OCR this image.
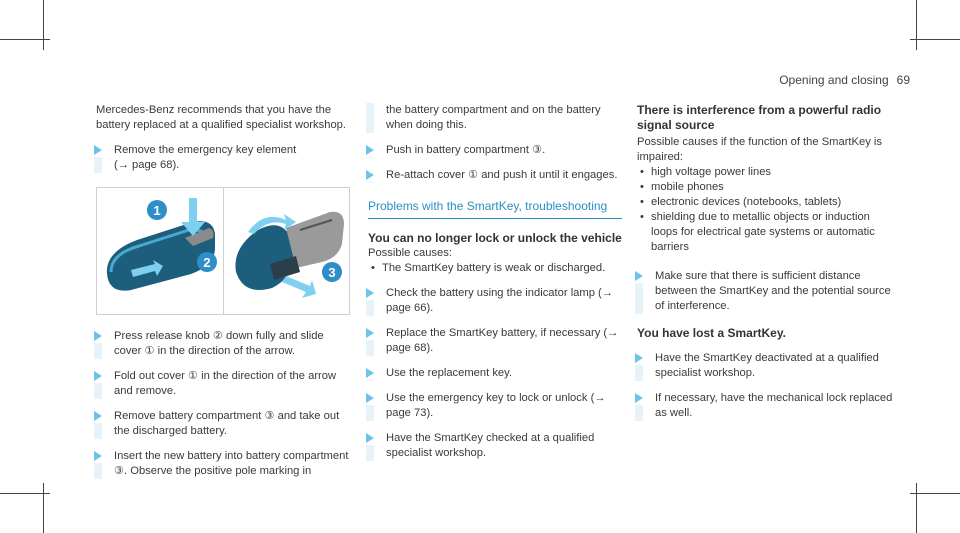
Opening and closing 69

Mercedes-Benz recommends that you have the battery replaced at a qualified specialist workshop.

Remove the emergency key element

(→ page 68).

1
2
3

Press release knob ② down fully and slide cover ① in the direction of the arrow.

Fold out cover ① in the direction of the arrow and remove.

Remove battery compartment ③ and take out the discharged battery.

Insert the new battery into battery compartment ③. Observe the positive pole marking in

the battery compartment and on the battery when doing this.

Push in battery compartment ③.

Re-attach cover ① and push it until it engages.

Problems with the SmartKey, troubleshooting
You can no longer lock or unlock the vehicle

Possible causes:

• The SmartKey battery is weak or discharged.

Check the battery using the indicator lamp (→ page 66).

Replace the SmartKey battery, if necessary (→ page 68).

Use the replacement key.

Use the emergency key to lock or unlock (→ page 73).

Have the SmartKey checked at a qualified specialist workshop.

There is interference from a powerful radio signal source

Possible causes if the function of the SmartKey is impaired:

• high voltage power lines

• mobile phones

• electronic devices (notebooks, tablets)

• shielding due to metallic objects or induction loops for electrical gate systems or automatic barriers

Make sure that there is sufficient distance between the SmartKey and the potential source of interference.

You have lost a SmartKey.

Have the SmartKey deactivated at a qualified specialist workshop.

If necessary, have the mechanical lock replaced as well.
